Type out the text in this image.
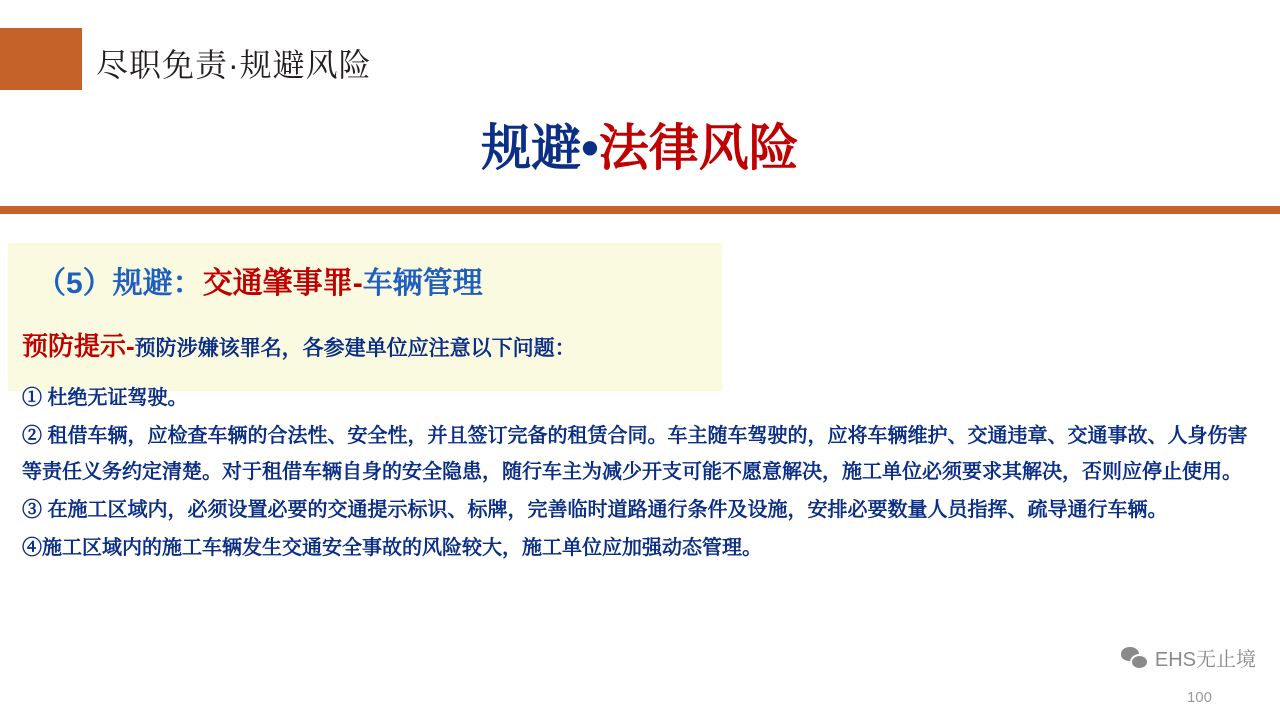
尽职免责·规避风险
规避•法律风险
（5）规避：交通肇事罪-车辆管理
预防提示-预防涉嫌该罪名，各参建单位应注意以下问题：

① 杜绝无证驾驶。

② 租借车辆，应检查车辆的合法性、安全性，并且签订完备的租赁合同。车主随车驾驶的，应将车辆维护、交通违章、交通事故、人身伤害等责任义务约定清楚。对于租借车辆自身的安全隐患，随行车主为减少开支可能不愿意解决，施工单位必须要求其解决，否则应停止使用。

③ 在施工区域内，必须设置必要的交通提示标识、标牌，完善临时道路通行条件及设施，安排必要数量人员指挥、疏导通行车辆。

④施工区域内的施工车辆发生交通安全事故的风险较大，施工单位应加强动态管理。

EHS无止境
100
